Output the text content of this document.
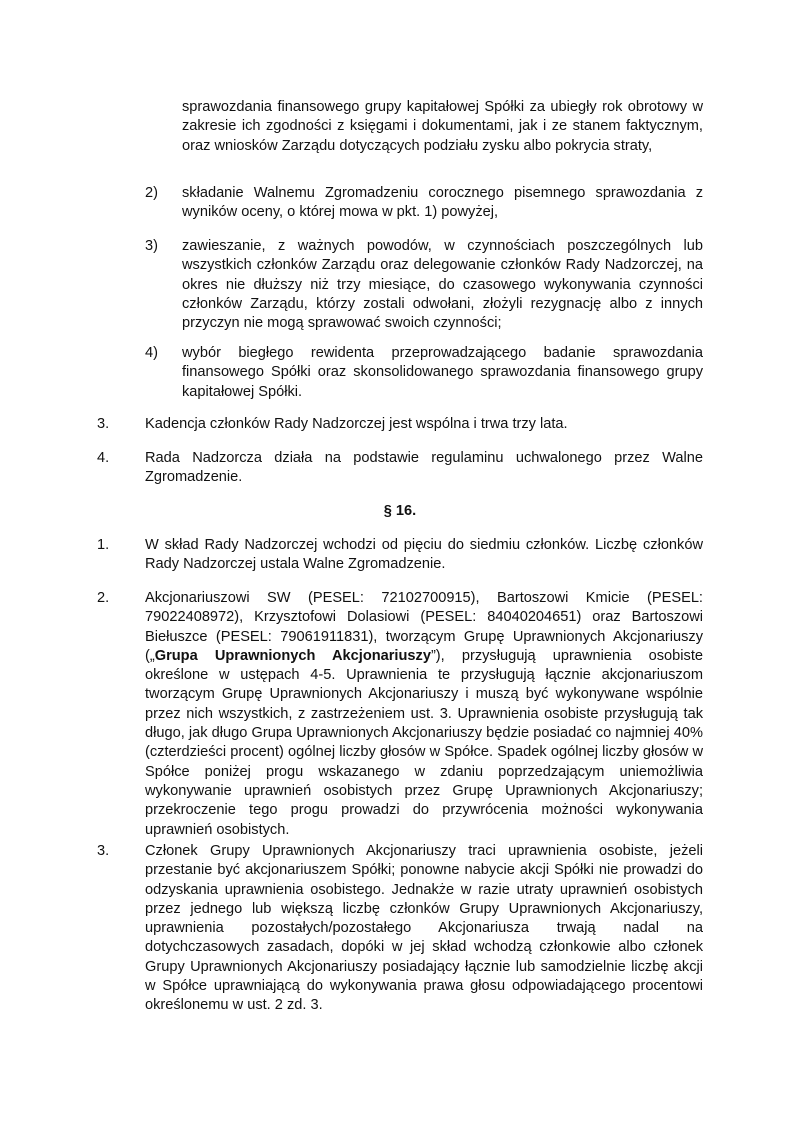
sprawozdania finansowego grupy kapitałowej Spółki za ubiegły rok obrotowy w zakresie ich zgodności z księgami i dokumentami, jak i ze stanem faktycznym, oraz wniosków Zarządu dotyczących podziału zysku albo pokrycia straty,

2) składanie Walnemu Zgromadzeniu corocznego pisemnego sprawozdania z wyników oceny, o której mowa w pkt. 1) powyżej,

3) zawieszanie, z ważnych powodów, w czynnościach poszczególnych lub wszystkich członków Zarządu oraz delegowanie członków Rady Nadzorczej, na okres nie dłuższy niż trzy miesiące, do czasowego wykonywania czynności członków Zarządu, którzy zostali odwołani, złożyli rezygnację albo z innych przyczyn nie mogą sprawować swoich czynności;

4) wybór biegłego rewidenta przeprowadzającego badanie sprawozdania finansowego Spółki oraz skonsolidowanego sprawozdania finansowego grupy kapitałowej Spółki.

3. Kadencja członków Rady Nadzorczej jest wspólna i trwa trzy lata.

4. Rada Nadzorcza działa na podstawie regulaminu uchwalonego przez Walne Zgromadzenie.

§ 16.

1. W skład Rady Nadzorczej wchodzi od pięciu do siedmiu członków. Liczbę członków Rady Nadzorczej ustala Walne Zgromadzenie.

2. Akcjonariuszowi SW (PESEL: 72102700915), Bartoszowi Kmicie (PESEL: 79022408972), Krzysztofowi Dolasiowi (PESEL: 84040204651) oraz Bartoszowi Biełuszce (PESEL: 79061911831), tworzącym Grupę Uprawnionych Akcjonariuszy („Grupa Uprawnionych Akcjonariuszy”), przysługują uprawnienia osobiste określone w ustępach 4-5. Uprawnienia te przysługują łącznie akcjonariuszom tworzącym Grupę Uprawnionych Akcjonariuszy i muszą być wykonywane wspólnie przez nich wszystkich, z zastrzeżeniem ust. 3. Uprawnienia osobiste przysługują tak długo, jak długo Grupa Uprawnionych Akcjonariuszy będzie posiadać co najmniej 40% (czterdzieści procent) ogólnej liczby głosów w Spółce. Spadek ogólnej liczby głosów w Spółce poniżej progu wskazanego w zdaniu poprzedzającym uniemożliwia wykonywanie uprawnień osobistych przez Grupę Uprawnionych Akcjonariuszy; przekroczenie tego progu prowadzi do przywrócenia możności wykonywania uprawnień osobistych.

3. Członek Grupy Uprawnionych Akcjonariuszy traci uprawnienia osobiste, jeżeli przestanie być akcjonariuszem Spółki; ponowne nabycie akcji Spółki nie prowadzi do odzyskania uprawnienia osobistego. Jednakże w razie utraty uprawnień osobistych przez jednego lub większą liczbę członków Grupy Uprawnionych Akcjonariuszy, uprawnienia pozostałych/pozostałego Akcjonariusza trwają nadal na dotychczasowych zasadach, dopóki w jej skład wchodzą członkowie albo członek Grupy Uprawnionych Akcjonariuszy posiadający łącznie lub samodzielnie liczbę akcji w Spółce uprawniającą do wykonywania prawa głosu odpowiadającego procentowi określonemu w ust. 2 zd. 3.
